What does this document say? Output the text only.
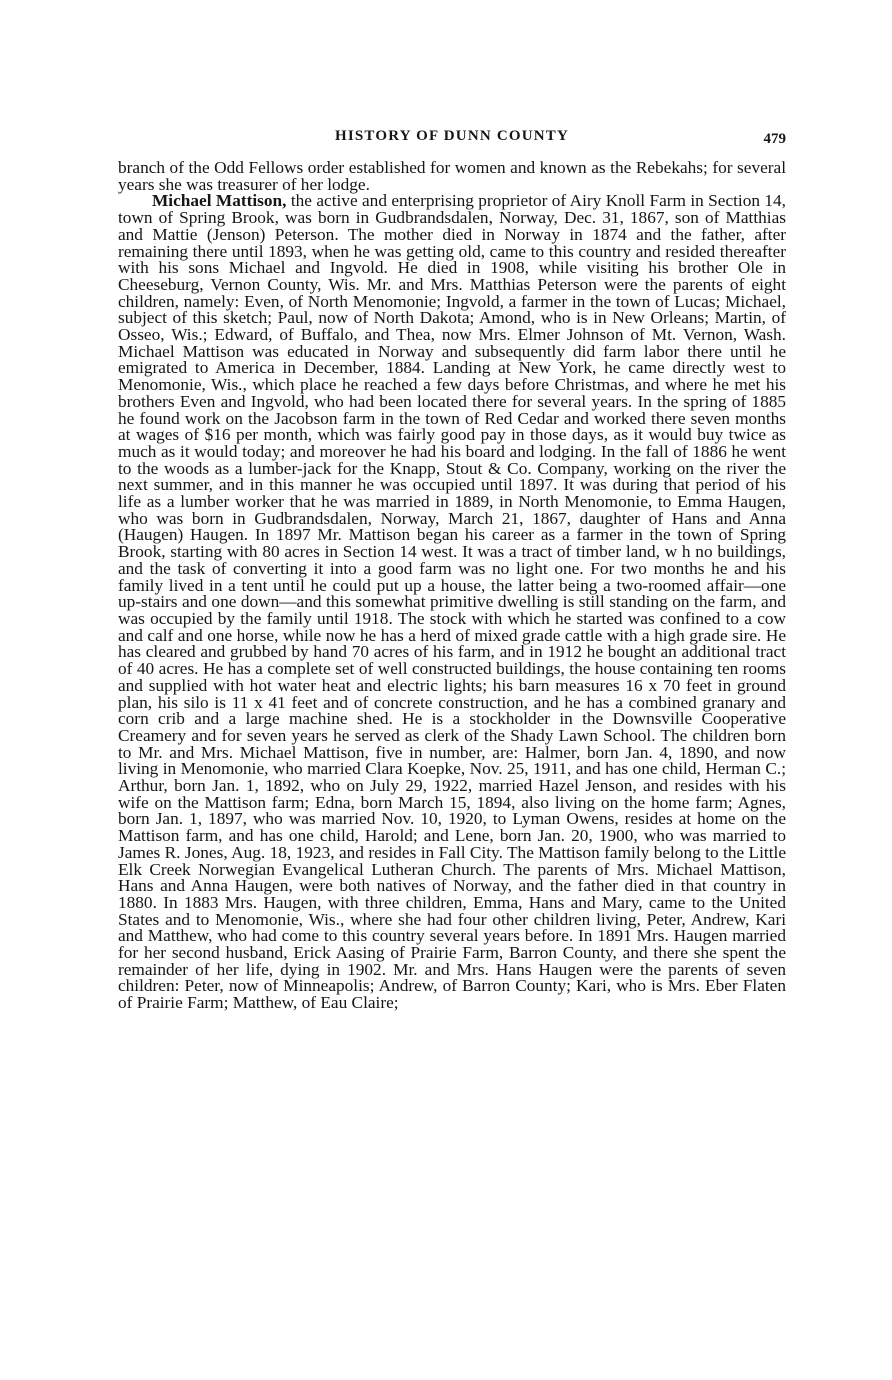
HISTORY OF DUNN COUNTY	479

branch of the Odd Fellows order established for women and known as the Rebekahs; for several years she was treasurer of her lodge.

Michael Mattison, the active and enterprising proprietor of Airy Knoll Farm in Section 14, town of Spring Brook, was born in Gudbrandsdalen, Norway, Dec. 31, 1867, son of Matthias and Mattie (Jenson) Peterson. The mother died in Norway in 1874 and the father, after remaining there until 1893, when he was getting old, came to this country and resided thereafter with his sons Michael and Ingvold. He died in 1908, while visiting his brother Ole in Cheeseburg, Vernon County, Wis. Mr. and Mrs. Matthias Peterson were the parents of eight children, namely: Even, of North Menomonie; Ingvold, a farmer in the town of Lucas; Michael, subject of this sketch; Paul, now of North Dakota; Amond, who is in New Orleans; Martin, of Osseo, Wis.; Edward, of Buffalo, and Thea, now Mrs. Elmer Johnson of Mt. Vernon, Wash. Michael Mattison was educated in Norway and subsequently did farm labor there until he emigrated to America in December, 1884. Landing at New York, he came directly west to Menomonie, Wis., which place he reached a few days before Christmas, and where he met his brothers Even and Ingvold, who had been located there for several years. In the spring of 1885 he found work on the Jacobson farm in the town of Red Cedar and worked there seven months at wages of $16 per month, which was fairly good pay in those days, as it would buy twice as much as it would today; and moreover he had his board and lodging. In the fall of 1886 he went to the woods as a lumber-jack for the Knapp, Stout & Co. Company, working on the river the next summer, and in this manner he was occupied until 1897. It was during that period of his life as a lumber worker that he was married in 1889, in North Menomonie, to Emma Haugen, who was born in Gudbrandsdalen, Norway, March 21, 1867, daughter of Hans and Anna (Haugen) Haugen. In 1897 Mr. Mattison began his career as a farmer in the town of Spring Brook, starting with 80 acres in Section 14 west. It was a tract of timber land, w h no buildings, and the task of converting it into a good farm was no light one. For two months he and his family lived in a tent until he could put up a house, the latter being a two-roomed affair—one up-stairs and one down—and this somewhat primitive dwelling is still standing on the farm, and was occupied by the family until 1918. The stock with which he started was confined to a cow and calf and one horse, while now he has a herd of mixed grade cattle with a high grade sire. He has cleared and grubbed by hand 70 acres of his farm, and in 1912 he bought an additional tract of 40 acres. He has a complete set of well constructed buildings, the house containing ten rooms and supplied with hot water heat and electric lights; his barn measures 16 x 70 feet in ground plan, his silo is 11 x 41 feet and of concrete construction, and he has a combined granary and corn crib and a large machine shed. He is a stockholder in the Downsville Cooperative Creamery and for seven years he served as clerk of the Shady Lawn School. The children born to Mr. and Mrs. Michael Mattison, five in number, are: Halmer, born Jan. 4, 1890, and now living in Menomonie, who married Clara Koepke, Nov. 25, 1911, and has one child, Herman C.; Arthur, born Jan. 1, 1892, who on July 29, 1922, married Hazel Jenson, and resides with his wife on the Mattison farm; Edna, born March 15, 1894, also living on the home farm; Agnes, born Jan. 1, 1897, who was married Nov. 10, 1920, to Lyman Owens, resides at home on the Mattison farm, and has one child, Harold; and Lene, born Jan. 20, 1900, who was married to James R. Jones, Aug. 18, 1923, and resides in Fall City. The Mattison family belong to the Little Elk Creek Norwegian Evangelical Lutheran Church. The parents of Mrs. Michael Mattison, Hans and Anna Haugen, were both natives of Norway, and the father died in that country in 1880. In 1883 Mrs. Haugen, with three children, Emma, Hans and Mary, came to the United States and to Menomonie, Wis., where she had four other children living, Peter, Andrew, Kari and Matthew, who had come to this country several years before. In 1891 Mrs. Haugen married for her second husband, Erick Aasing of Prairie Farm, Barron County, and there she spent the remainder of her life, dying in 1902. Mr. and Mrs. Hans Haugen were the parents of seven children: Peter, now of Minneapolis; Andrew, of Barron County; Kari, who is Mrs. Eber Flaten of Prairie Farm; Matthew, of Eau Claire;
